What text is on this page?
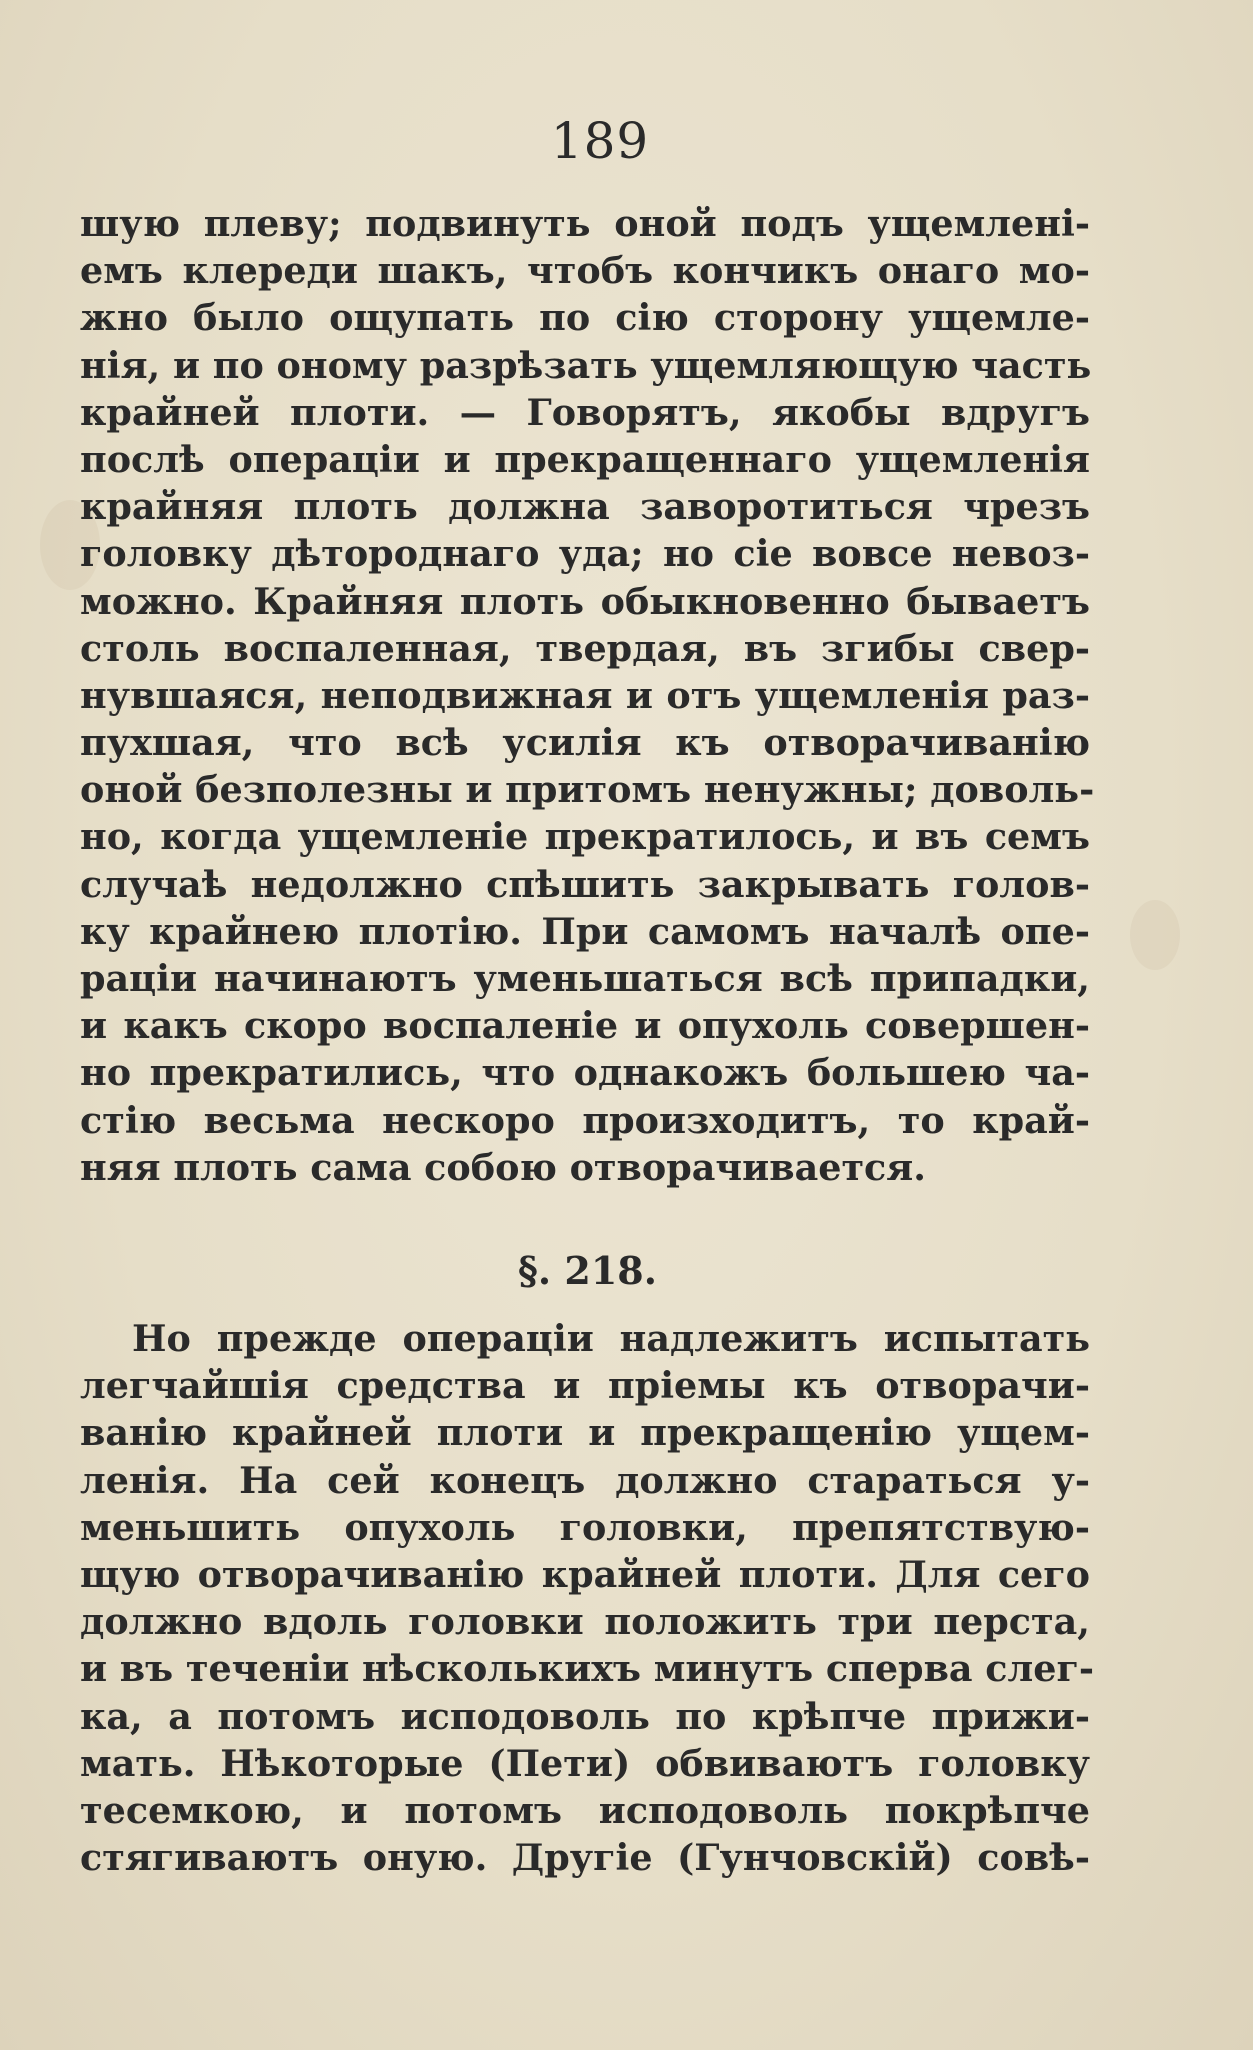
189
шую плеву; подвинуть оной подъ ущемленi-
емъ клереди шакъ, чтобъ кончикъ онаго мо-
жно было ощупать по сiю сторону ущемле-
нiя, и по оному разрѣзать ущемляющую часть
крайней плоти. — Говорятъ, якобы вдругъ
послѣ операцiи и прекращеннаго ущемленiя
крайняя плоть должна заворотиться чрезъ
головку дѣтороднаго уда; но сiе вовсе невоз-
можно. Крайняя плоть обыкновенно бываетъ
столь воспаленная, твердая, въ згибы свер-
нувшаяся, неподвижная и отъ ущемленiя раз-
пухшая, что всѣ усилiя къ отворачиванiю
оной безполезны и притомъ ненужны; доволь-
но, когда ущемленiе прекратилось, и въ семъ
случаѣ недолжно спѣшить закрывать голов-
ку крайнею плотiю. При самомъ началѣ опе-
рацiи начинаютъ уменьшаться всѣ припадки,
и какъ скоро воспаленiе и опухоль совершен-
но прекратились, что однакожъ большею ча-
стiю весьма нескоро произходитъ, то край-
няя плоть сама собою отворачивается.
§. 218.
Но прежде операцiи надлежитъ испытать
легчайшiя средства и прiемы къ отворачи-
ванiю крайней плоти и прекращенiю ущем-
ленiя. На сей конецъ должно стараться у-
меньшить опухоль головки, препятствую-
щую отворачиванiю крайней плоти. Для сего
должно вдоль головки положить три перста,
и въ теченiи нѣсколькихъ минутъ сперва слег-
ка, а потомъ исподоволь по крѣпче прижи-
мать. Нѣкоторые (Пети) обвиваютъ головку
тесемкою, и потомъ исподоволь покрѣпче
стягиваютъ оную. Другiе (Гунчовскiй) совѣ-
